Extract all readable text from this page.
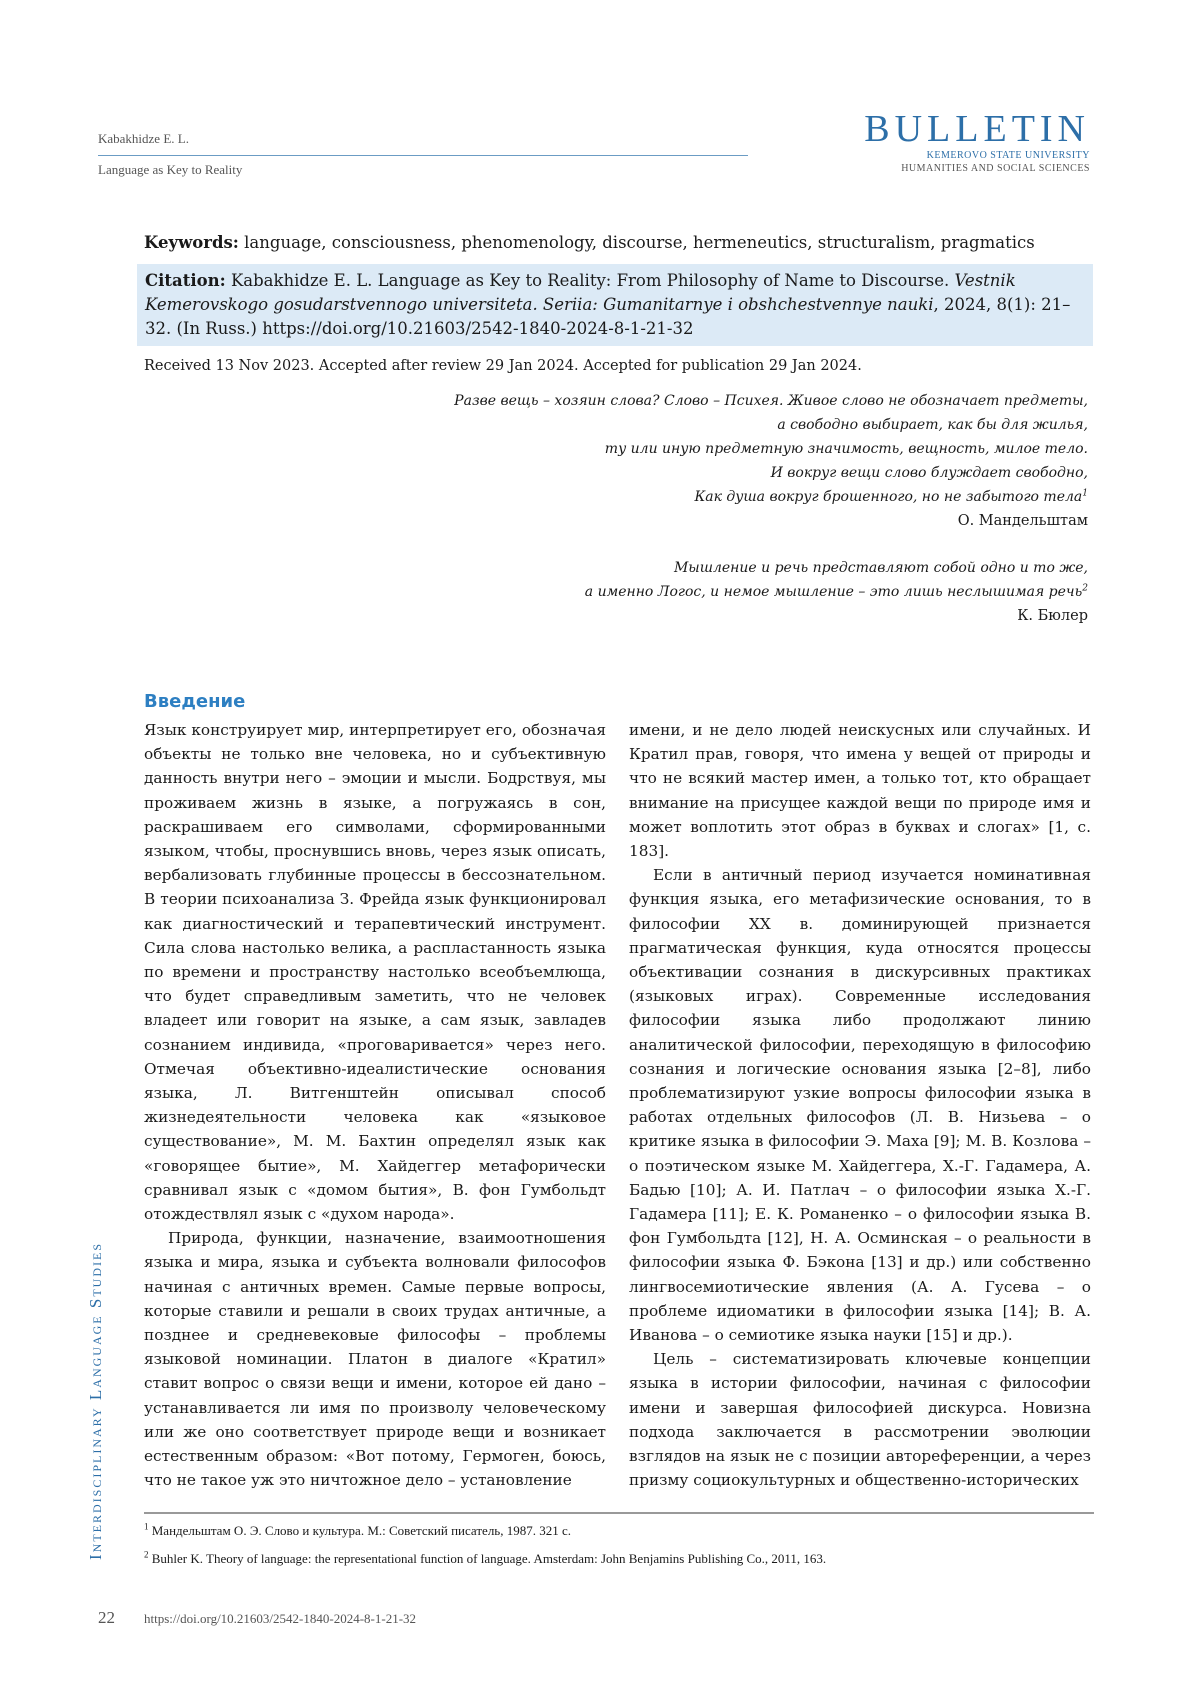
Kabakhidze E. L.
Language as Key to Reality
BULLETIN
KEMEROVO STATE UNIVERSITY
HUMANITIES AND SOCIAL SCIENCES
Keywords: language, consciousness, phenomenology, discourse, hermeneutics, structuralism, pragmatics
Citation: Kabakhidze E. L. Language as Key to Reality: From Philosophy of Name to Discourse. Vestnik Kemerovskogo gosudarstvennogo universiteta. Seriia: Gumanitarnye i obshchestvennye nauki, 2024, 8(1): 21–32. (In Russ.) https://doi.org/10.21603/2542-1840-2024-8-1-21-32
Received 13 Nov 2023. Accepted after review 29 Jan 2024. Accepted for publication 29 Jan 2024.
Разве вещь – хозяин слова? Слово – Психея. Живое слово не обозначает предметы,
а свободно выбирает, как бы для жилья,
ту или иную предметную значимость, вещность, милое тело.
И вокруг вещи слово блуждает свободно,
Как душа вокруг брошенного, но не забытого тела$^1$
О. Мандельштам
Мышление и речь представляют собой одно и то же,
а именно Логос, и немое мышление – это лишь неслышимая речь$^2$
К. Бюлер
Введение

Язык конструирует мир, интерпретирует его, обозначая объекты не только вне человека, но и субъективную данность внутри него – эмоции и мысли. Бодрствуя, мы проживаем жизнь в языке, а погружаясь в сон, раскрашиваем его символами, сформированными языком, чтобы, проснувшись вновь, через язык описать, вербализовать глубинные процессы в бессознательном. В теории психоанализа З. Фрейда язык функционировал как диагностический и терапевтический инструмент. Сила слова настолько велика, а распластанность языка по времени и пространству настолько всеобъемлюща, что будет справедливым заметить, что не человек владеет или говорит на языке, а сам язык, завладев сознанием индивида, «проговаривается» через него. Отмечая объективно-идеалистические основания языка, Л. Витгенштейн описывал способ жизнедеятельности человека как «языковое существование», М. М. Бахтин определял язык как «говорящее бытие», М. Хайдеггер метафорически сравнивал язык с «домом бытия», В. фон Гумбольдт отождествлял язык с «духом народа».

Природа, функции, назначение, взаимоотношения языка и мира, языка и субъекта волновали философов начиная с античных времен. Самые первые вопросы, которые ставили и решали в своих трудах античные, а позднее и средневековые философы – проблемы языковой номинации. Платон в диалоге «Кратил» ставит вопрос о связи вещи и имени, которое ей дано – устанавливается ли имя по произволу человеческому или же оно соответствует природе вещи и возникает естественным образом: «Вот потому, Гермоген, боюсь, что не такое уж это ничтожное дело – установление

имени, и не дело людей неискусных или случайных. И Кратил прав, говоря, что имена у вещей от природы и что не всякий мастер имен, а только тот, кто обращает внимание на присущее каждой вещи по природе имя и может воплотить этот образ в буквах и слогах» [1, с. 183].

Если в античный период изучается номинативная функция языка, его метафизические основания, то в философии XX в. доминирующей признается прагматическая функция, куда относятся процессы объективации сознания в дискурсивных практиках (языковых играх). Современные исследования философии языка либо продолжают линию аналитической философии, переходящую в философию сознания и логические основания языка [2–8], либо проблематизируют узкие вопросы философии языка в работах отдельных философов (Л. В. Низьева – о критике языка в философии Э. Маха [9]; М. В. Козлова – о поэтическом языке М. Хайдеггера, Х.-Г. Гадамера, А. Бадью [10]; А. И. Патлач – о философии языка Х.-Г. Гадамера [11]; Е. К. Романенко – о философии языка В. фон Гумбольдта [12], Н. А. Осминская – о реальности в философии языка Ф. Бэкона [13] и др.) или собственно лингвосемиотические явления (А. А. Гусева – о проблеме идиоматики в философии языка [14]; В. А. Иванова – о семиотике языка науки [15] и др.).

Цель – систематизировать ключевые концепции языка в истории философии, начиная с философии имени и завершая философией дискурса. Новизна подхода заключается в рассмотрении эволюции взглядов на язык не с позиции автореференции, а через призму социокультурных и общественно-исторических

$^1$ Мандельштам О. Э. Слово и культура. М.: Советский писатель, 1987. 321 с.
$^2$ Buhler K. Theory of language: the representational function of language. Amsterdam: John Benjamins Publishing Co., 2011, 163.
Interdisciplinary Language Studies
22 https://doi.org/10.21603/2542-1840-2024-8-1-21-32
